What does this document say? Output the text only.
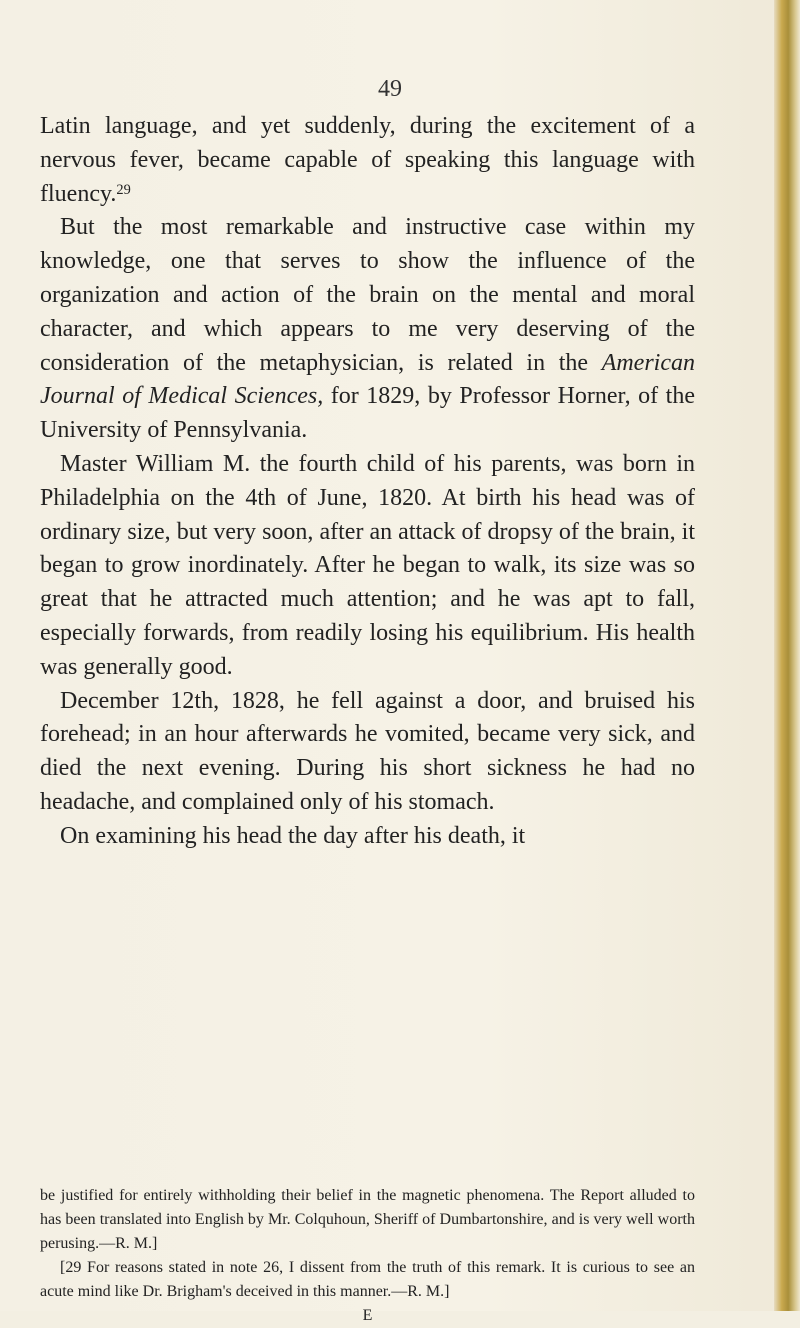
49

Latin language, and yet suddenly, during the excitement of a nervous fever, became capable of speaking this language with fluency.$^{29}$

But the most remarkable and instructive case within my knowledge, one that serves to show the influence of the organization and action of the brain on the mental and moral character, and which appears to me very deserving of the consideration of the metaphysician, is related in the American Journal of Medical Sciences, for 1829, by Professor Horner, of the University of Pennsylvania.

Master William M. the fourth child of his parents, was born in Philadelphia on the 4th of June, 1820. At birth his head was of ordinary size, but very soon, after an attack of dropsy of the brain, it began to grow inordinately. After he began to walk, its size was so great that he attracted much attention; and he was apt to fall, especially forwards, from readily losing his equilibrium. His health was generally good.

December 12th, 1828, he fell against a door, and bruised his forehead; in an hour afterwards he vomited, became very sick, and died the next evening. During his short sickness he had no headache, and complained only of his stomach.

On examining his head the day after his death, it

be justified for entirely withholding their belief in the magnetic phenomena. The Report alluded to has been translated into English by Mr. Colquhoun, Sheriff of Dumbartonshire, and is very well worth perusing.—R. M.]

[29 For reasons stated in note 26, I dissent from the truth of this remark. It is curious to see an acute mind like Dr. Brigham's deceived in this manner.—R. M.]

E
